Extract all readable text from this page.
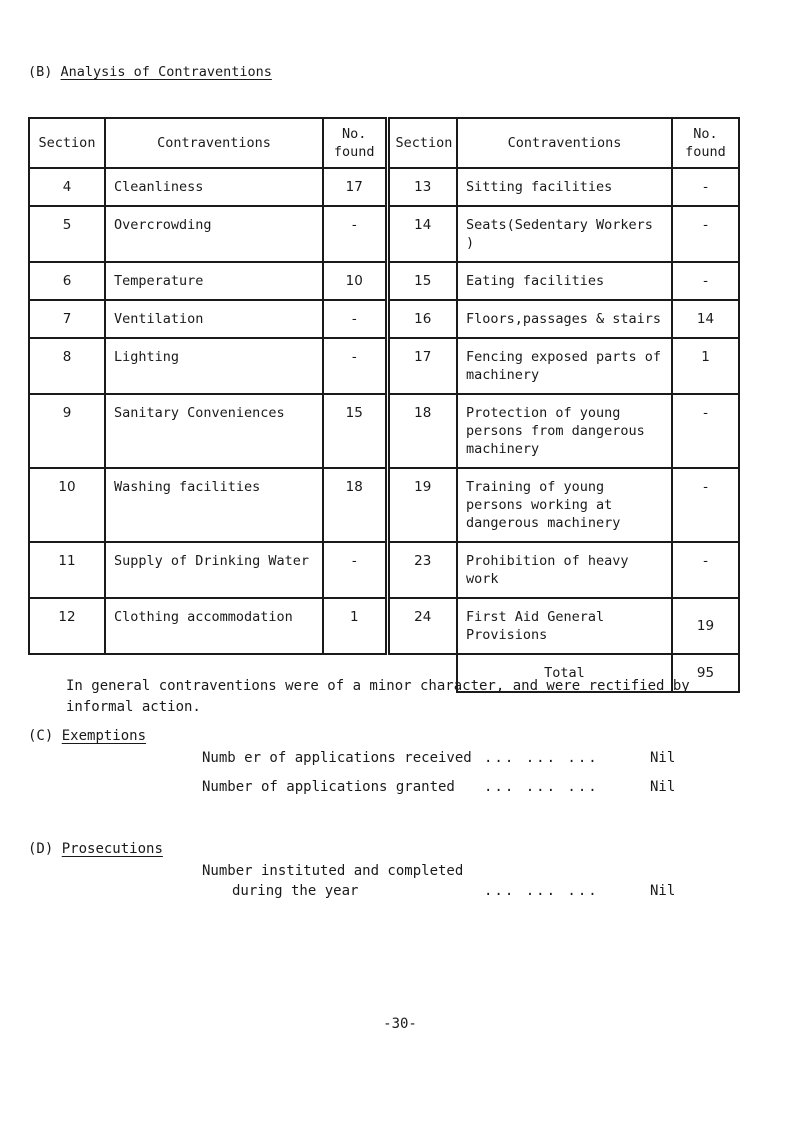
(B) Analysis of Contraventions
Section	Contraventions	No. found	Section	Contraventions	No. found
4	Cleanliness	17	13	Sitting facilities	-
5	Overcrowding	-	14	Seats(Sedentary Workers )	-
6	Temperature	10	15	Eating facilities	-
7	Ventilation	-	16	Floors,passages & stairs	14
8	Lighting	-	17	Fencing exposed parts of machinery	1
9	Sanitary Conveniences	15	18	Protection of young persons from dangerous machinery	-
10	Washing facilities	18	19	Training of young persons working at dangerous machinery	-
11	Supply of Drinking Water	-	23	Prohibition of heavy work	-
12	Clothing accommodation	1	24	First Aid General Provisions	19
				Total	95
In general contraventions were of a minor character, and were rectified by informal action.
(C) Exemptions
Numb er of applications received ... ... ...	Nil
Number of applications granted ... ... ...	Nil
(D) Prosecutions
Number instituted and completed
during the year	... ... ...	Nil
-30-
